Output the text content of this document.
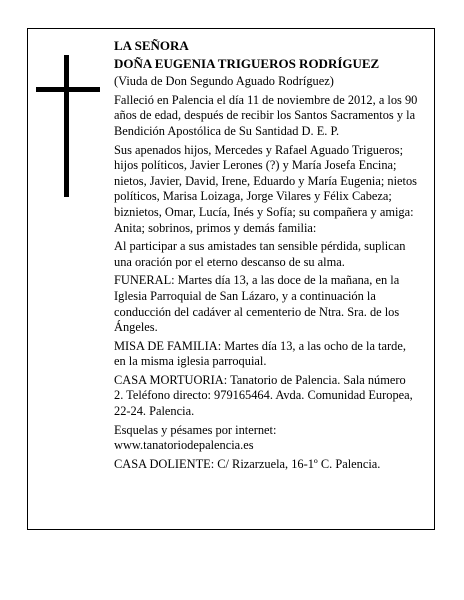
LA SEÑORA

DOÑA EUGENIA TRIGUEROS RODRÍGUEZ

(Viuda de Don Segundo Aguado Rodríguez)

Falleció en Palencia el día 11 de noviembre de 2012, a los 90 años de edad, después de recibir los Santos Sacramentos y la Bendición Apostólica de Su Santidad D. E. P.

Sus apenados hijos, Mercedes y Rafael Aguado Trigueros; hijos políticos, Javier Lerones (?) y María Josefa Encina; nietos, Javier, David, Irene, Eduardo y María Eugenia; nietos políticos, Marisa Loizaga, Jorge Vilares y Félix Cabeza; biznietos, Omar, Lucía, Inés y Sofía; su compañera y amiga: Anita; sobrinos, primos y demás familia:

Al participar a sus amistades tan sensible pérdida, suplican una oración por el eterno descanso de su alma.

FUNERAL: Martes día 13, a las doce de la mañana, en la Iglesia Parroquial de San Lázaro, y a continuación la conducción del cadáver al cementerio de Ntra. Sra. de los Ángeles.

MISA DE FAMILIA: Martes día 13, a las ocho de la tarde, en la misma iglesia parroquial.

CASA MORTUORIA: Tanatorio de Palencia. Sala número 2. Teléfono directo: 979165464. Avda. Comunidad Europea, 22-24. Palencia.

Esquelas y pésames por internet: www.tanatoriodepalencia.es

CASA DOLIENTE: C/ Rizarzuela, 16-1º C. Palencia.
